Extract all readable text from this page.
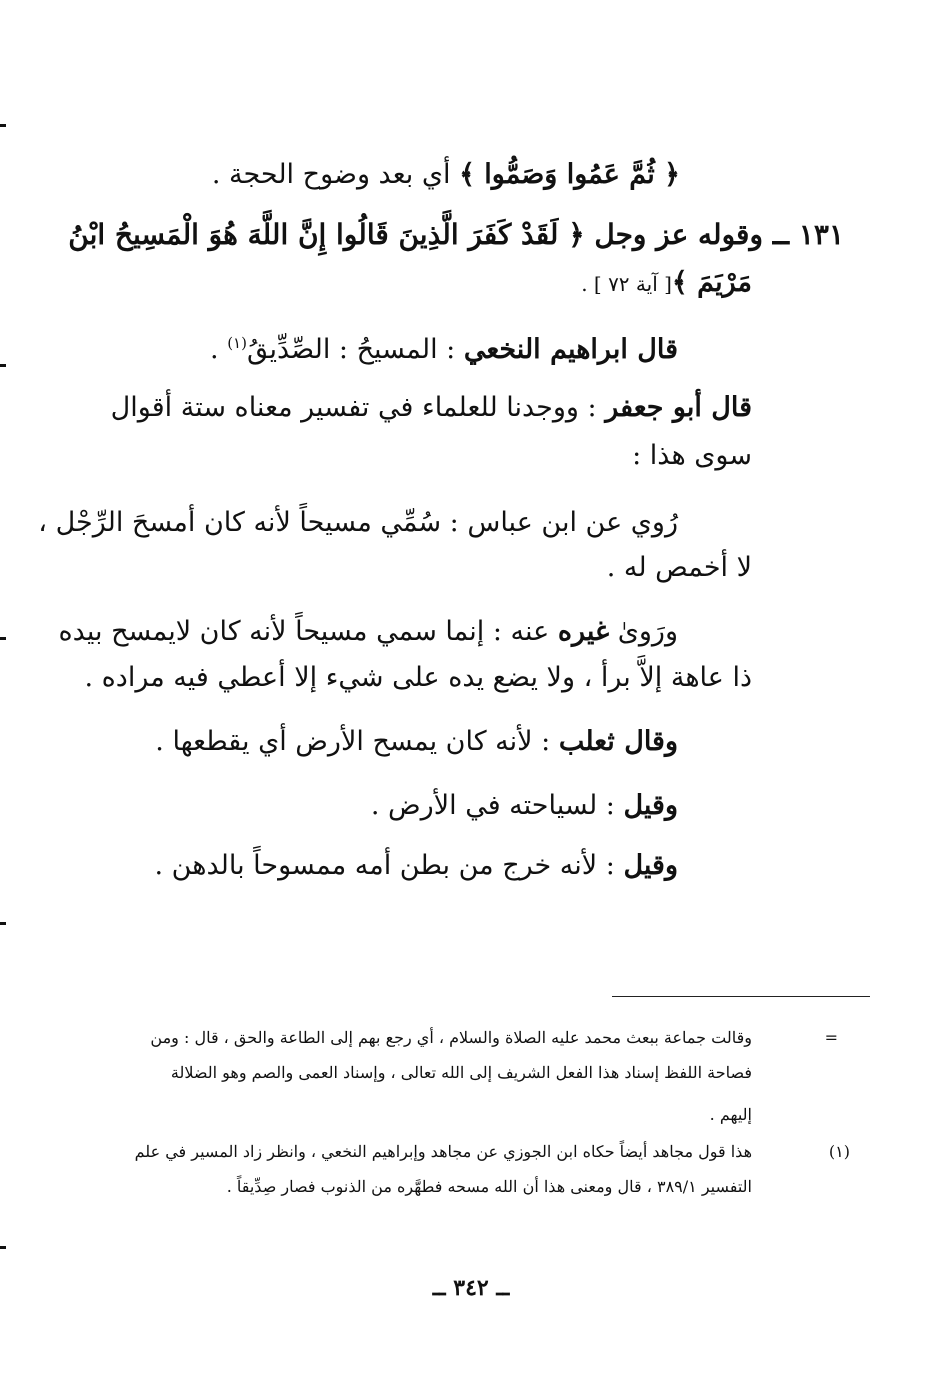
﴿ ثُمَّ عَمُوا وَصَمُّوا ﴾ أي بعد وضوح الحجة .
١٣١ ــ وقوله عز وجل ﴿ لَقَدْ كَفَرَ الَّذِينَ قَالُوا إِنَّ اللَّهَ هُوَ الْمَسِيحُ ابْنُ
مَرْيَمَ ﴾[ آية ٧٢ ] .
قال ابراهيم النخعي : المسيحُ : الصِّدِّيقُ$^{(١)}$ .
قال أبو جعفر : ووجدنا للعلماء في تفسير معناه ستة أقوال
سوى هذا :
رُوي عن ابن عباس : سُمِّي مسيحاً لأنه كان أمسحَ الرِّجْل ،
لا أخمص له .
ورَوىٰ غيره عنه : إنما سمي مسيحاً لأنه كان لايمسح بيده
ذا عاهة إلاَّ برأ ، ولا يضع يده على شيء إلا أعطي فيه مراده .
وقال ثعلب : لأنه كان يمسح الأرض أي يقطعها .
وقيل : لسياحته في الأرض .
وقيل : لأنه خرج من بطن أمه ممسوحاً بالدهن .
=
وقالت جماعة ببعث محمد عليه الصلاة والسلام ، أي رجع بهم إلى الطاعة والحق ، قال : ومن
فصاحة اللفظ إسناد هذا الفعل الشريف إلى الله تعالى ، وإسناد العمى والصم وهو الضلالة
إليهم .
(١)
هذا قول مجاهد أيضاً حكاه ابن الجوزي عن مجاهد وإبراهيم النخعي ، وانظر زاد المسير في علم
التفسير ٣٨٩/١ ، قال ومعنى هذا أن الله مسحه فطهَّره من الذنوب فصار صِدِّيقاً .
ــ ٣٤٢ ــ
